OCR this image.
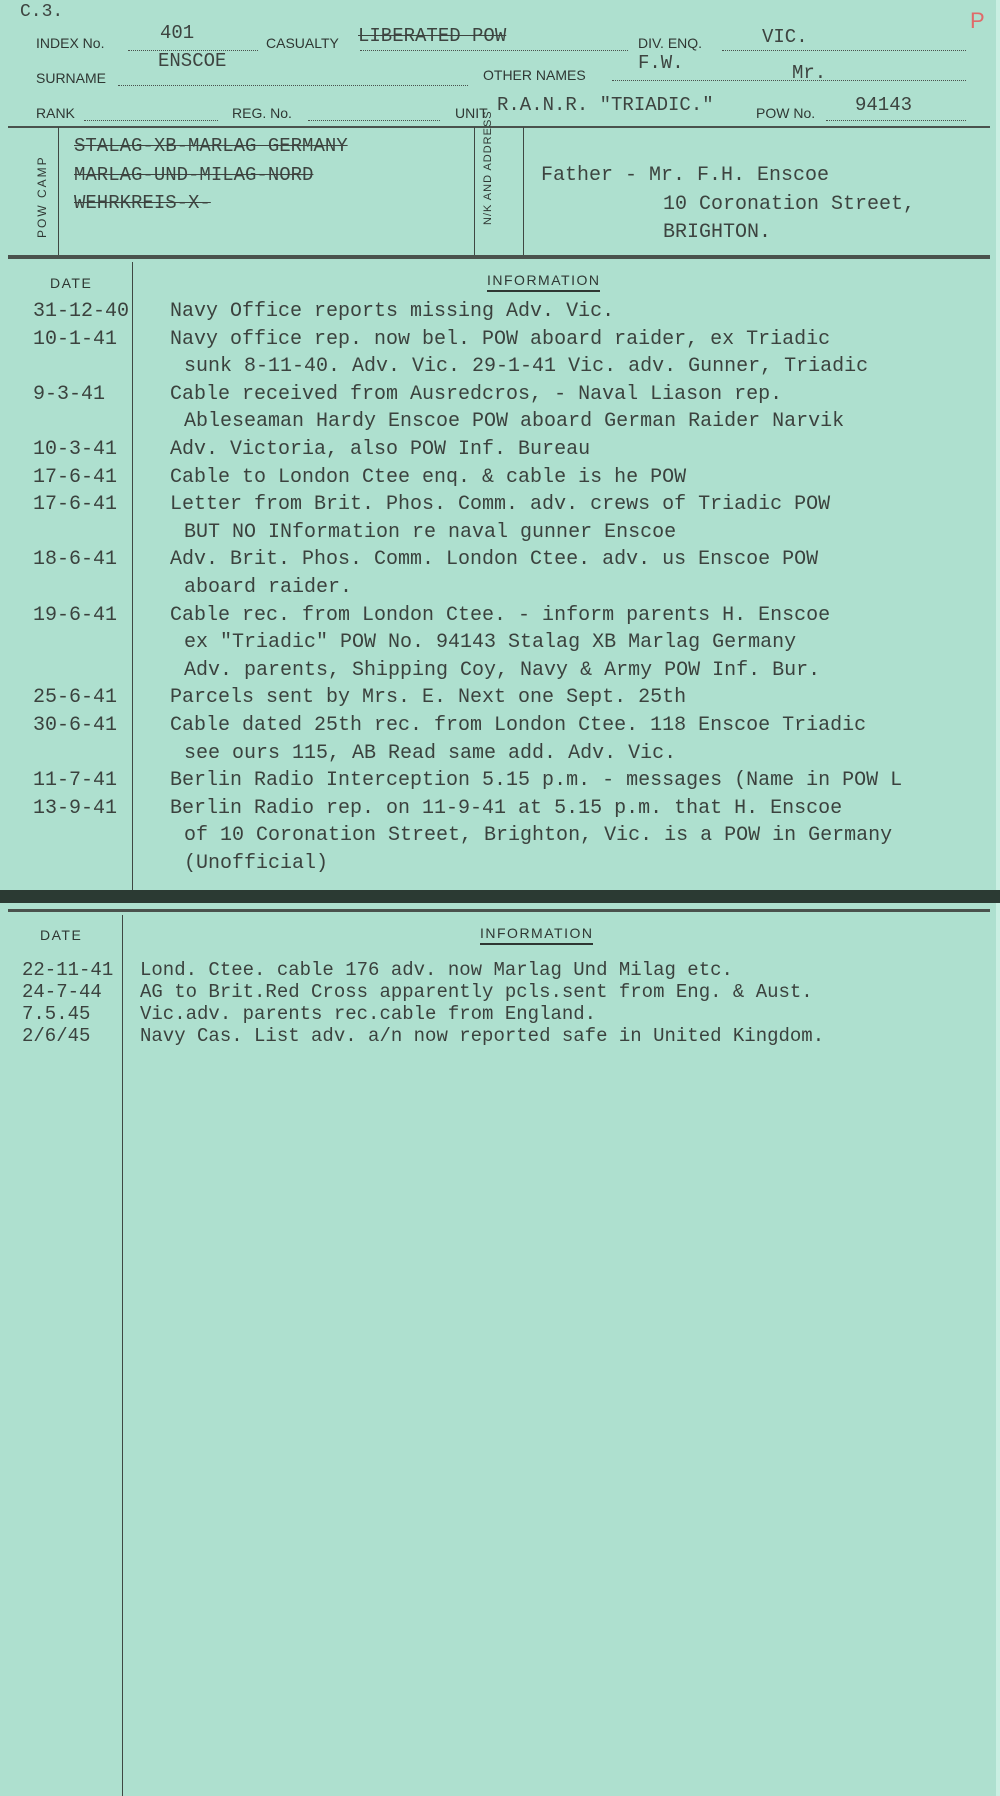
C.3.	P
INDEX No.	401	CASUALTY LIBERATED POW	DIV. ENQ.	VIC.
SURNAME
ENSCOE
OTHER NAMES
F.W.	Mr.
RANK	REG. No.	UNIT R.A.N.R. "TRIADIC."	POW No. 94143
POW CAMP	N/K AND ADDRESS
STALAG-XB-MARLAG GERMANY
MARLAG-UND-MILAG-NORD
WEHRKREIS-X-
Father - Mr. F.H. Enscoe
10 Coronation Street,
BRIGHTON.
DATE	INFORMATION
31-12-40 Navy Office reports missing Adv. Vic.
10-1-41	Navy office rep. now bel. POW aboard raider, ex Triadic
sunk 8-11-40. Adv. Vic. 29-1-41 Vic. adv. Gunner, Triadic
9-3-41	Cable received from Ausredcros, - Naval Liason rep.
Ableseaman Hardy Enscoe POW aboard German Raider Narvik
10-3-41	Adv. Victoria, also POW Inf. Bureau
17-6-41	Cable to London Ctee enq. & cable is he POW
17-6-41	Letter from Brit. Phos. Comm. adv. crews of Triadic POW
BUT NO INformation re naval gunner Enscoe
18-6-41	Adv. Brit. Phos. Comm. London Ctee. adv. us Enscoe POW
aboard raider.
19-6-41	Cable rec. from London Ctee. - inform parents H. Enscoe
ex "Triadic" POW No. 94143 Stalag XB Marlag Germany
Adv. parents, Shipping Coy, Navy & Army POW Inf. Bur.
25-6-41	Parcels sent by Mrs. E. Next one Sept. 25th
30-6-41	Cable dated 25th rec. from London Ctee. 118 Enscoe Triadic
see ours 115, AB Read same add. Adv. Vic.
11-7-41	Berlin Radio Interception 5.15 p.m. - messages (Name in POW L
13-9-41	Berlin Radio rep. on 11-9-41 at 5.15 p.m. that H. Enscoe
of 10 Coronation Street, Brighton, Vic. is a POW in Germany
(Unofficial)
DATE	INFORMATION
22-11-41 Lond. Ctee. cable 176 adv. now Marlag Und Milag etc.
24-7-44 AG to Brit.Red Cross apparently pcls.sent from Eng. & Aust.
7.5.45	Vic.adv. parents rec.cable from England.
2/6/45	Navy Cas. List adv. a/n now reported safe in United Kingdom.
